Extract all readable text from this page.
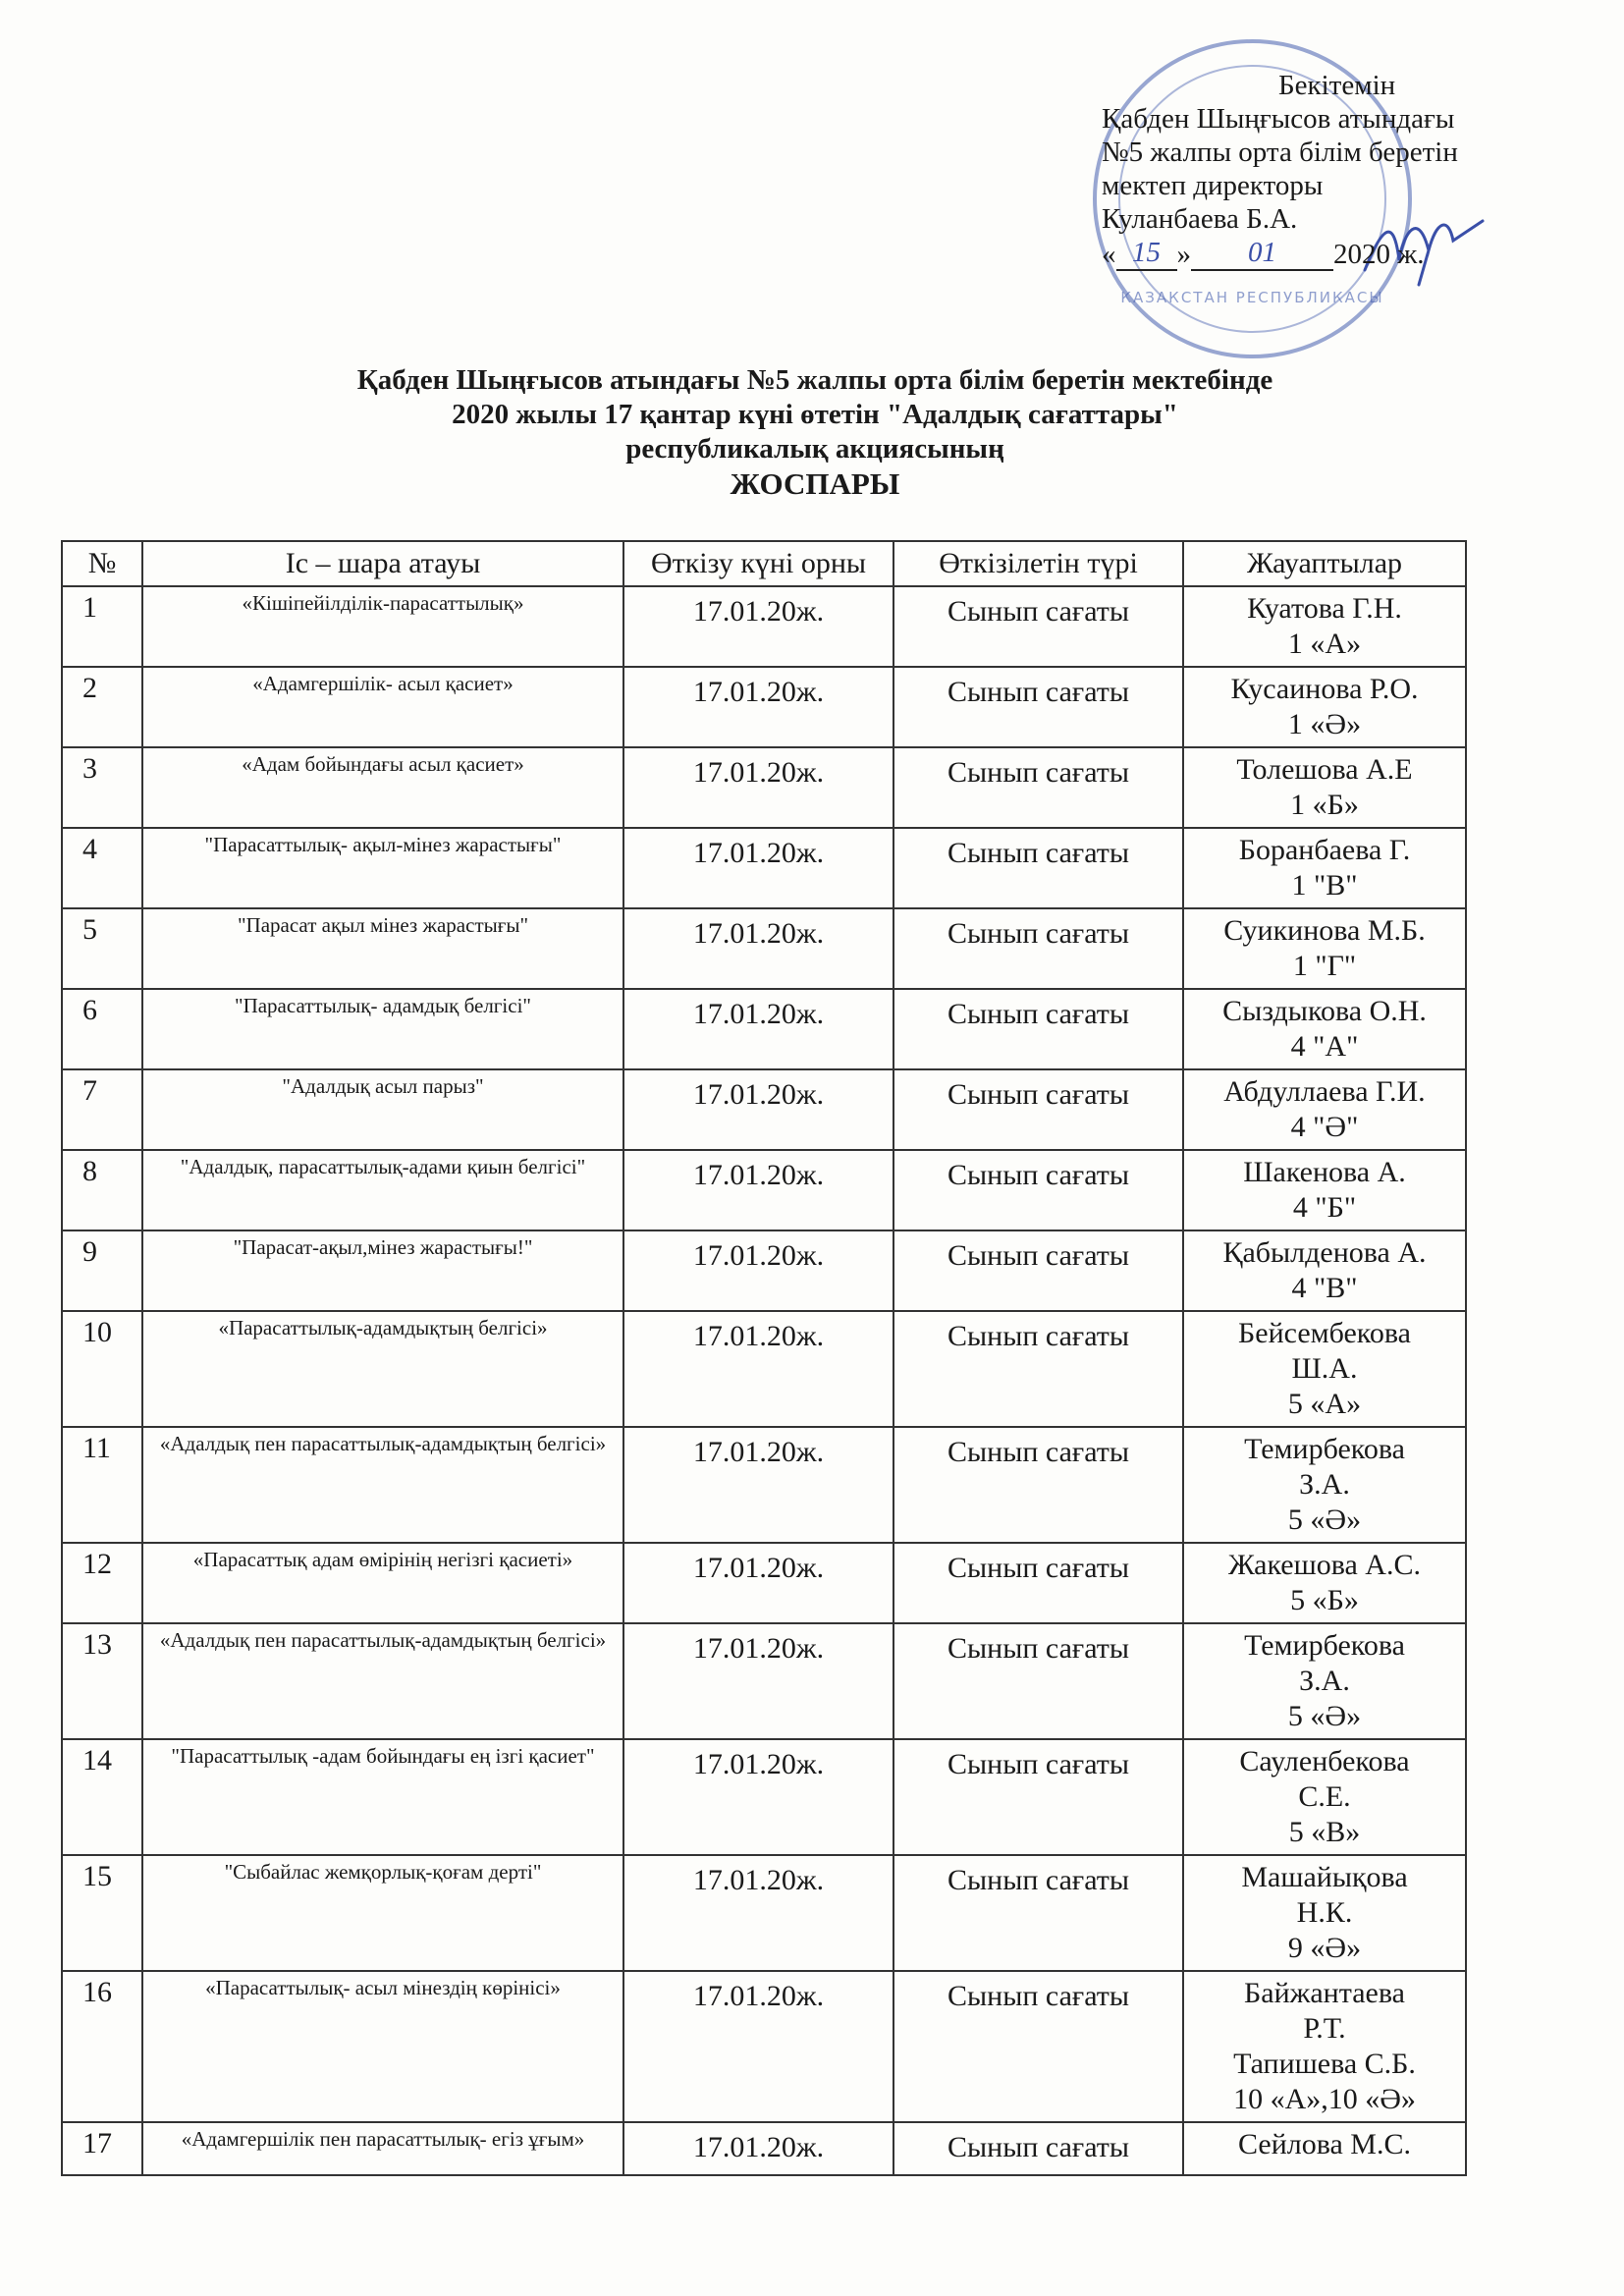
КАЗАКСТАН РЕСПУБЛИКАСЫ
Бекітемін
Қабден Шыңғысов атындағы
№5 жалпы орта білім беретін
мектеп директоры
Куланбаева Б.А.
« 15 »	01	2020 ж.
Қабден Шыңғысов атындағы №5 жалпы орта білім беретін мектебінде
2020 жылы 17 қантар күні өтетін "Адалдық сағаттары"
республикалық акциясының
ЖОСПАРЫ
№	Іс – шара атауы	Өткізу күні орны	Өткізілетін түрі	Жауаптылар
1	«Кішіпейілділік-парасаттылық»	17.01.20ж.	Сынып сағаты	Куатова Г.Н.
1 «А»

2	«Адамгершілік- асыл қасиет»	17.01.20ж.	Сынып сағаты	Кусаинова Р.О.
1 «Ә»

3	«Адам бойындағы асыл қасиет»	17.01.20ж.	Сынып сағаты	Толешова А.Е
1 «Б»

4	"Парасаттылық- ақыл-мінез жарастығы"	17.01.20ж.	Сынып сағаты	Боранбаева Г.
1 "В"

5	"Парасат ақыл мінез жарастығы"	17.01.20ж.	Сынып сағаты	Суикинова М.Б.
1 "Г"

6	"Парасаттылық- адамдық белгісі"	17.01.20ж.	Сынып сағаты	Сыздыкова О.Н.
4 "А"

7	"Адалдық асыл парыз"	17.01.20ж.	Сынып сағаты	Абдуллаева Г.И.
4 "Ә"

8	"Адалдық, парасаттылық-адами қиын белгісі"	17.01.20ж.	Сынып сағаты	Шакенова А.
4 "Б"

9	"Парасат-ақыл,мінез жарастығы!"	17.01.20ж.	Сынып сағаты	Қабылденова А.
4 "В"

10	«Парасаттылық-адамдықтың белгісі»	17.01.20ж.	Сынып сағаты	Бейсембекова
Ш.А.
5 «А»

11	«Адалдық пен парасаттылық-адамдықтың белгісі»	17.01.20ж.	Сынып сағаты	Темирбекова
З.А.
5 «Ә»

12	«Парасаттық адам өмірінің негізгі қасиеті»	17.01.20ж.	Сынып сағаты	Жакешова А.С.
5 «Б»

13	«Адалдық пен парасаттылық-адамдықтың белгісі»	17.01.20ж.	Сынып сағаты	Темирбекова
З.А.
5 «Ә»

14	"Парасаттылық -адам бойындағы ең ізгі қасиет"	17.01.20ж.	Сынып сағаты	Сауленбекова
С.Е.
5 «В»

15	"Сыбайлас жемқорлық-қоғам дерті"	17.01.20ж.	Сынып сағаты	Машайықова
Н.К.
9 «Ә»

16	«Парасаттылық- асыл мінездің көрінісі»	17.01.20ж.	Сынып сағаты	Байжантаева
Р.Т.
Тапишева С.Б.
10 «А»,10 «Ә»

17	«Адамгершілік пен парасаттылық- егіз ұғым»	17.01.20ж.	Сынып сағаты	Сейлова М.С.
